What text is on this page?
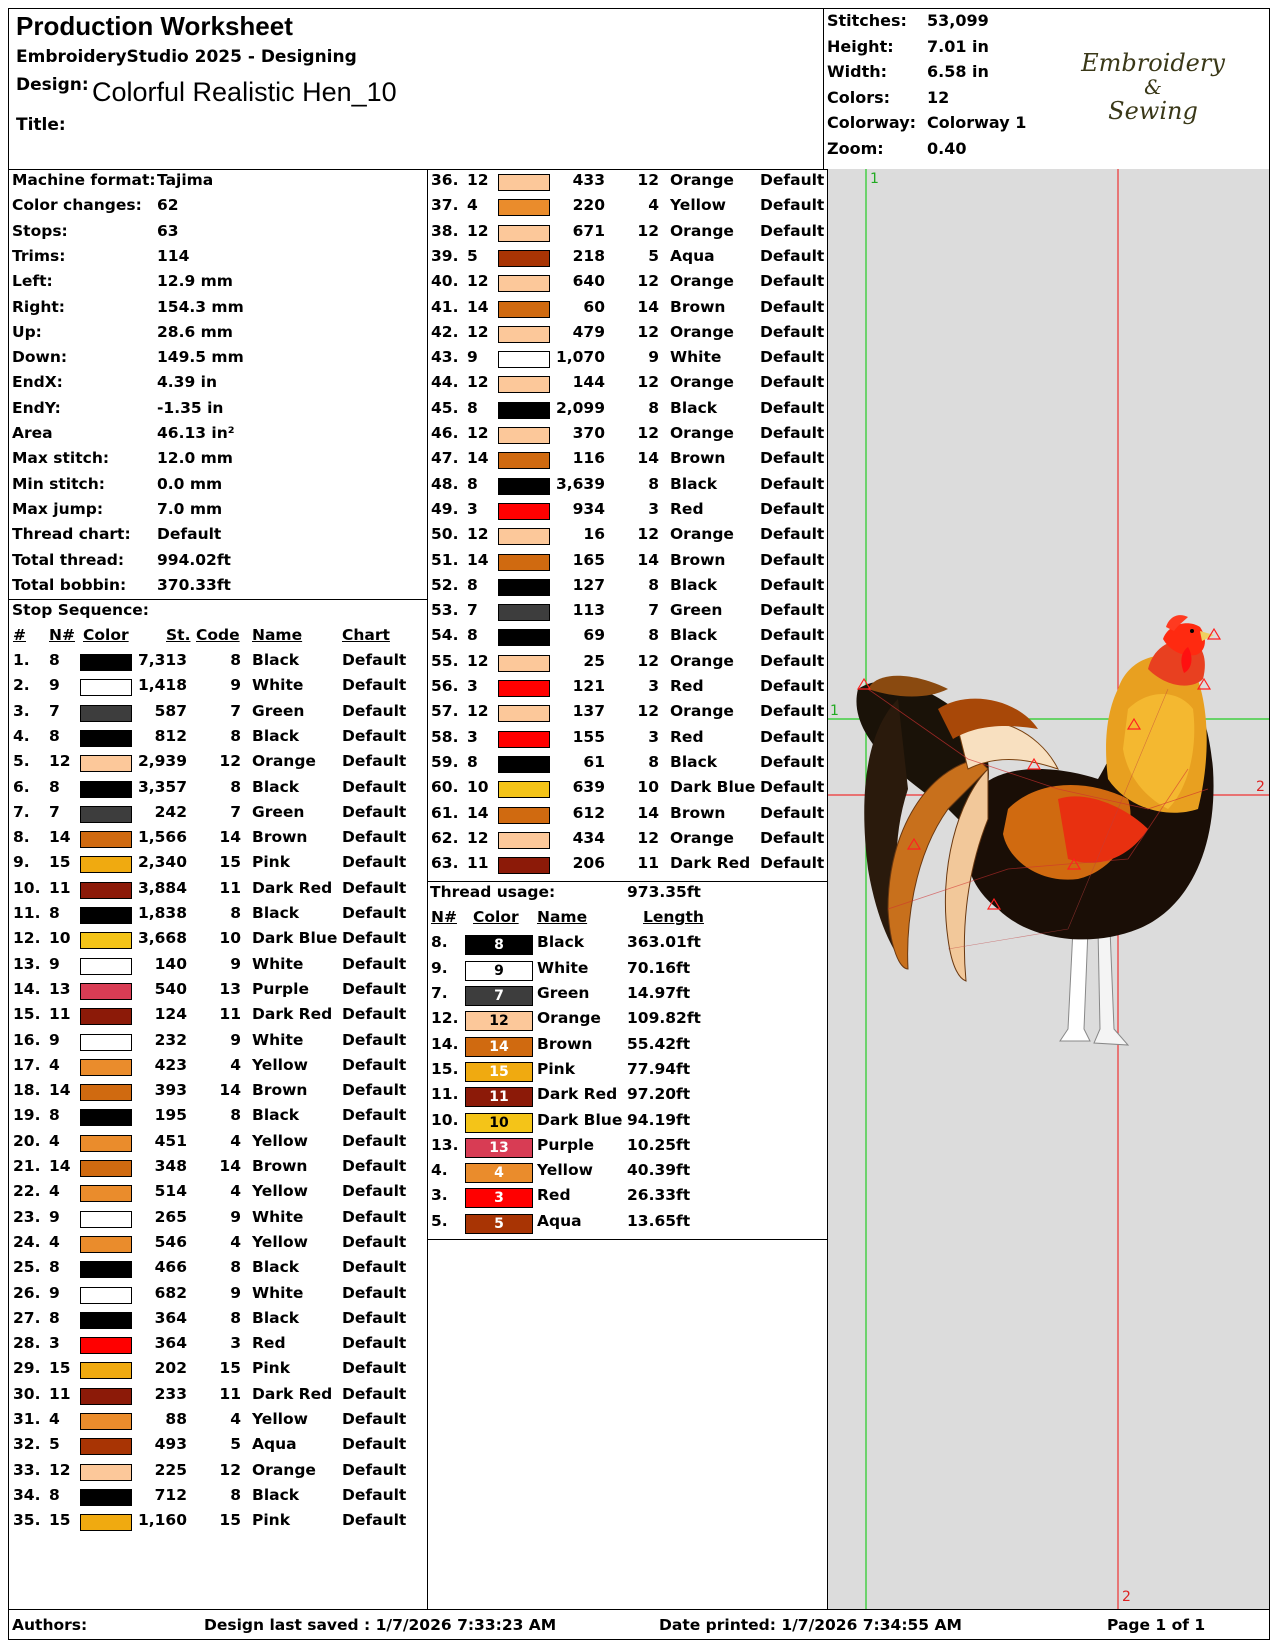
Production Worksheet
EmbroideryStudio 2025 - Designing
Design: Colorful Realistic Hen_10
Title:
Stitches: 53,099
Height: 7.01 in
Width: 6.58 in
Colors: 12
Colorway: Colorway 1
Zoom:	0.40
Embroidery
&
Sewing
Stop Sequence:
Machine format: Tajima
Color changes: 62
Stops:	63
Trims:	114
Left:	12.9 mm
Right:	154.3 mm
Up:	28.6 mm
Down:	149.5 mm
EndX:	4.39 in
EndY:	-1.35 in
Area	46.13 in²
Max stitch:	12.0 mm
Min stitch:	0.0 mm
Max jump:	7.0 mm
Thread chart: Default
Total thread: 994.02ft
Total bobbin: 370.33ft
# N# Color St. Code Name	Chart
1. 8	7,313	8 Black	Default
2. 9	1,418	9 White Default
3. 7	587	7 Green Default
4. 8	812	8 Black	Default
5. 12	2,939 12 Orange Default
6. 8	3,357	8 Black	Default
7. 7	242	7 Green Default
8. 14	1,566 14 Brown Default
9. 15	2,340 15 Pink	Default
10. 11	3,884 11 Dark Red Default
11. 8	1,838	8 Black	Default
12. 10	3,668 10 Dark Blue Default
13. 9	140	9 White Default
14. 13	540 13 Purple Default
15. 11	124 11 Dark Red Default
16. 9	232	9 White Default
17. 4	423	4 Yellow Default
18. 14	393 14 Brown Default
19. 8	195	8 Black	Default
20. 4	451	4 Yellow Default
21. 14	348 14 Brown Default
22. 4	514	4 Yellow Default
23. 9	265	9 White Default
24. 4	546	4 Yellow Default
25. 8	466	8 Black	Default
26. 9	682	9 White Default
27. 8	364	8 Black	Default
28. 3	364	3 Red	Default
29. 15	202 15 Pink	Default
30. 11	233 11 Dark Red Default
31. 4	88	4 Yellow Default
32. 5	493	5 Aqua	Default
33. 12	225 12 Orange Default
34. 8	712	8 Black	Default
35. 15	1,160 15 Pink	Default
36. 12	433 12 Orange Default
37. 4	220	4 Yellow Default
38. 12	671 12 Orange Default
39. 5	218	5 Aqua	Default
40. 12	640 12 Orange Default
41. 14	60 14 Brown Default
42. 12	479 12 Orange Default
43. 9	1,070	9 White Default
44. 12	144 12 Orange Default
45. 8	2,099	8 Black	Default
46. 12	370 12 Orange Default
47. 14	116 14 Brown Default
48. 8	3,639	8 Black	Default
49. 3	934	3 Red	Default
50. 12	16 12 Orange Default
51. 14	165 14 Brown Default
52. 8	127	8 Black	Default
53. 7	113	7 Green Default
54. 8	69	8 Black	Default
55. 12	25 12 Orange Default
56. 3	121	3 Red	Default
57. 12	137 12 Orange Default
58. 3	155	3 Red	Default
59. 8	61	8 Black	Default
60. 10	639 10 Dark Blue Default
61. 14	612 14 Brown Default
62. 12	434 12 Orange Default
63. 11	206 11 Dark Red Default
Thread usage:	973.35ft
N# Color Name	Length
8.	8	Black	363.01ft
9.	9	White 70.16ft
7.	7	Green 14.97ft
12.	12	Orange 109.82ft
14.	14	Brown 55.42ft
15.	15	Pink	77.94ft
11.	11	Dark Red 97.20ft
10.	10	Dark Blue 94.19ft
13.	13	Purple 10.25ft
4.	4	Yellow 40.39ft
3.	3	Red	26.33ft
5.	5	Aqua	13.65ft
1
1
2
2
Authors:	Design last saved : 1/7/2026 7:33:23 AM	Date printed: 1/7/2026 7:34:55 AM	Page 1 of 1
